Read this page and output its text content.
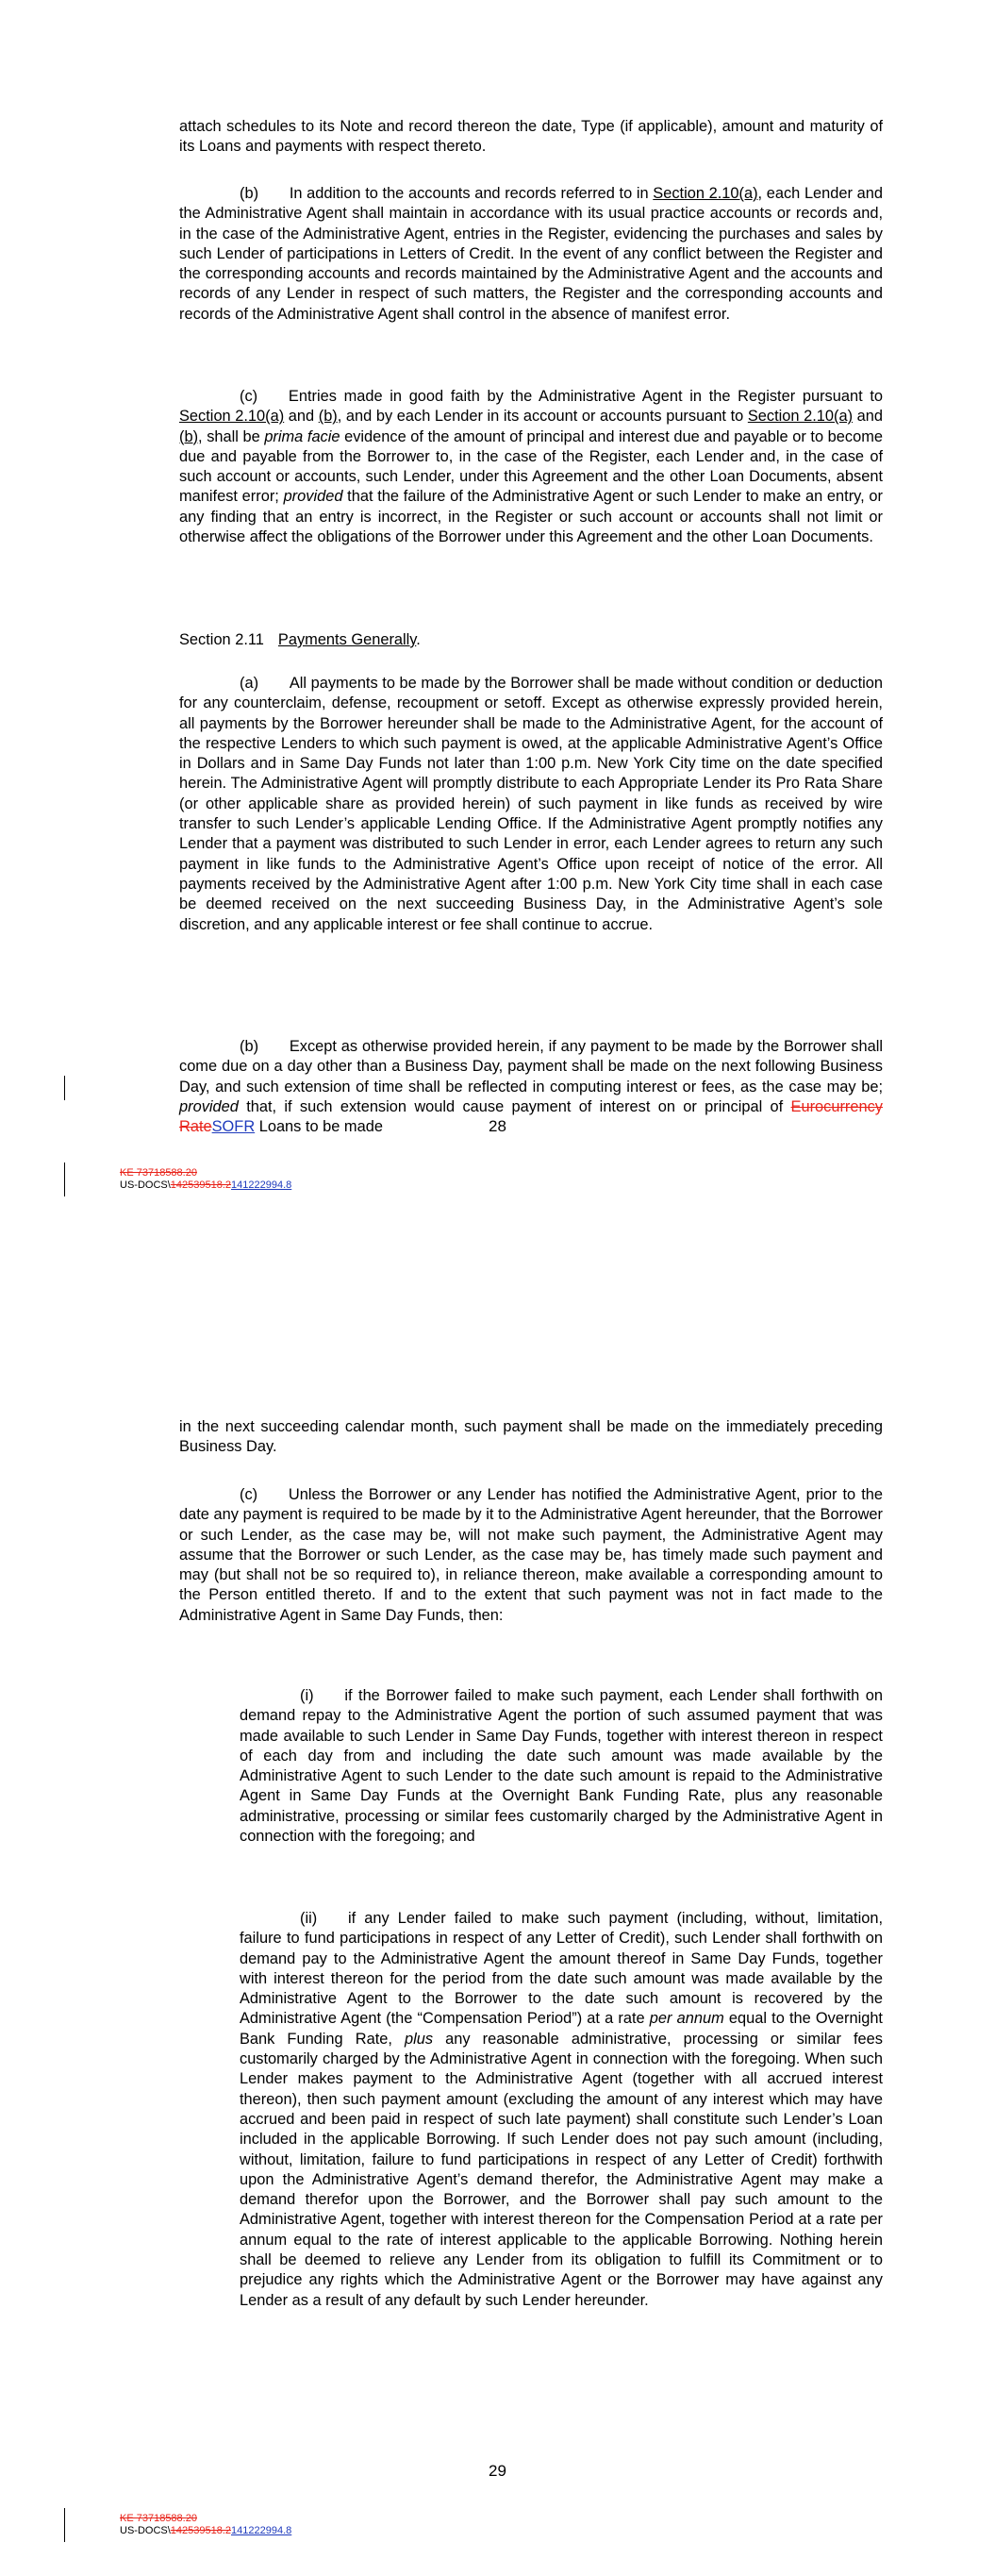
attach schedules to its Note and record thereon the date, Type (if applicable), amount and maturity of its Loans and payments with respect thereto.

(b)  In addition to the accounts and records referred to in Section 2.10(a), each Lender and the Administrative Agent shall maintain in accordance with its usual practice accounts or records and, in the case of the Administrative Agent, entries in the Register, evidencing the purchases and sales by such Lender of participations in Letters of Credit. In the event of any conflict between the Register and the corresponding accounts and records maintained by the Administrative Agent and the accounts and records of any Lender in respect of such matters, the Register and the corresponding accounts and records of the Administrative Agent shall control in the absence of manifest error.

(c)  Entries made in good faith by the Administrative Agent in the Register pursuant to Section 2.10(a) and (b), and by each Lender in its account or accounts pursuant to Section 2.10(a) and (b), shall be prima facie evidence of the amount of principal and interest due and payable or to become due and payable from the Borrower to, in the case of the Register, each Lender and, in the case of such account or accounts, such Lender, under this Agreement and the other Loan Documents, absent manifest error; provided that the failure of the Administrative Agent or such Lender to make an entry, or any finding that an entry is incorrect, in the Register or such account or accounts shall not limit or otherwise affect the obligations of the Borrower under this Agreement and the other Loan Documents.

Section 2.11 Payments Generally.

(a)  All payments to be made by the Borrower shall be made without condition or deduction for any counterclaim, defense, recoupment or setoff. Except as otherwise expressly provided herein, all payments by the Borrower hereunder shall be made to the Administrative Agent, for the account of the respective Lenders to which such payment is owed, at the applicable Administrative Agent’s Office in Dollars and in Same Day Funds not later than 1:00 p.m. New York City time on the date specified herein. The Administrative Agent will promptly distribute to each Appropriate Lender its Pro Rata Share (or other applicable share as provided herein) of such payment in like funds as received by wire transfer to such Lender’s applicable Lending Office. If the Administrative Agent promptly notifies any Lender that a payment was distributed to such Lender in error, each Lender agrees to return any such payment in like funds to the Administrative Agent’s Office upon receipt of notice of the error. All payments received by the Administrative Agent after 1:00 p.m. New York City time shall in each case be deemed received on the next succeeding Business Day, in the Administrative Agent’s sole discretion, and any applicable interest or fee shall continue to accrue.

(b)  Except as otherwise provided herein, if any payment to be made by the Borrower shall come due on a day other than a Business Day, payment shall be made on the next following Business Day, and such extension of time shall be reflected in computing interest or fees, as the case may be; provided that, if such extension would cause payment of interest on or principal of Eurocurrency RateSOFR Loans to be made	28
KE 73718588.20
US-DOCS\142539518.2141222994.8

in the next succeeding calendar month, such payment shall be made on the immediately preceding Business Day.

(c)  Unless the Borrower or any Lender has notified the Administrative Agent, prior to the date any payment is required to be made by it to the Administrative Agent hereunder, that the Borrower or such Lender, as the case may be, will not make such payment, the Administrative Agent may assume that the Borrower or such Lender, as the case may be, has timely made such payment and may (but shall not be so required to), in reliance thereon, make available a corresponding amount to the Person entitled thereto. If and to the extent that such payment was not in fact made to the Administrative Agent in Same Day Funds, then:

(i)  if the Borrower failed to make such payment, each Lender shall forthwith on demand repay to the Administrative Agent the portion of such assumed payment that was made available to such Lender in Same Day Funds, together with interest thereon in respect of each day from and including the date such amount was made available by the Administrative Agent to such Lender to the date such amount is repaid to the Administrative Agent in Same Day Funds at the Overnight Bank Funding Rate, plus any reasonable administrative, processing or similar fees customarily charged by the Administrative Agent in connection with the foregoing; and

(ii)  if any Lender failed to make such payment (including, without, limitation, failure to fund participations in respect of any Letter of Credit), such Lender shall forthwith on demand pay to the Administrative Agent the amount thereof in Same Day Funds, together with interest thereon for the period from the date such amount was made available by the Administrative Agent to the Borrower to the date such amount is recovered by the Administrative Agent (the “Compensation Period”) at a rate per annum equal to the Overnight Bank Funding Rate, plus any reasonable administrative, processing or similar fees customarily charged by the Administrative Agent in connection with the foregoing. When such Lender makes payment to the Administrative Agent (together with all accrued interest thereon), then such payment amount (excluding the amount of any interest which may have accrued and been paid in respect of such late payment) shall constitute such Lender’s Loan included in the applicable Borrowing. If such Lender does not pay such amount (including, without, limitation, failure to fund participations in respect of any Letter of Credit) forthwith upon the Administrative Agent’s demand therefor, the Administrative Agent may make a demand therefor upon the Borrower, and the Borrower shall pay such amount to the Administrative Agent, together with interest thereon for the Compensation Period at a rate per annum equal to the rate of interest applicable to the applicable Borrowing. Nothing herein shall be deemed to relieve any Lender from its obligation to fulfill its Commitment or to prejudice any rights which the Administrative Agent or the Borrower may have against any Lender as a result of any default by such Lender hereunder.

29
KE 73718588.20
US-DOCS\142539518.2141222994.8
